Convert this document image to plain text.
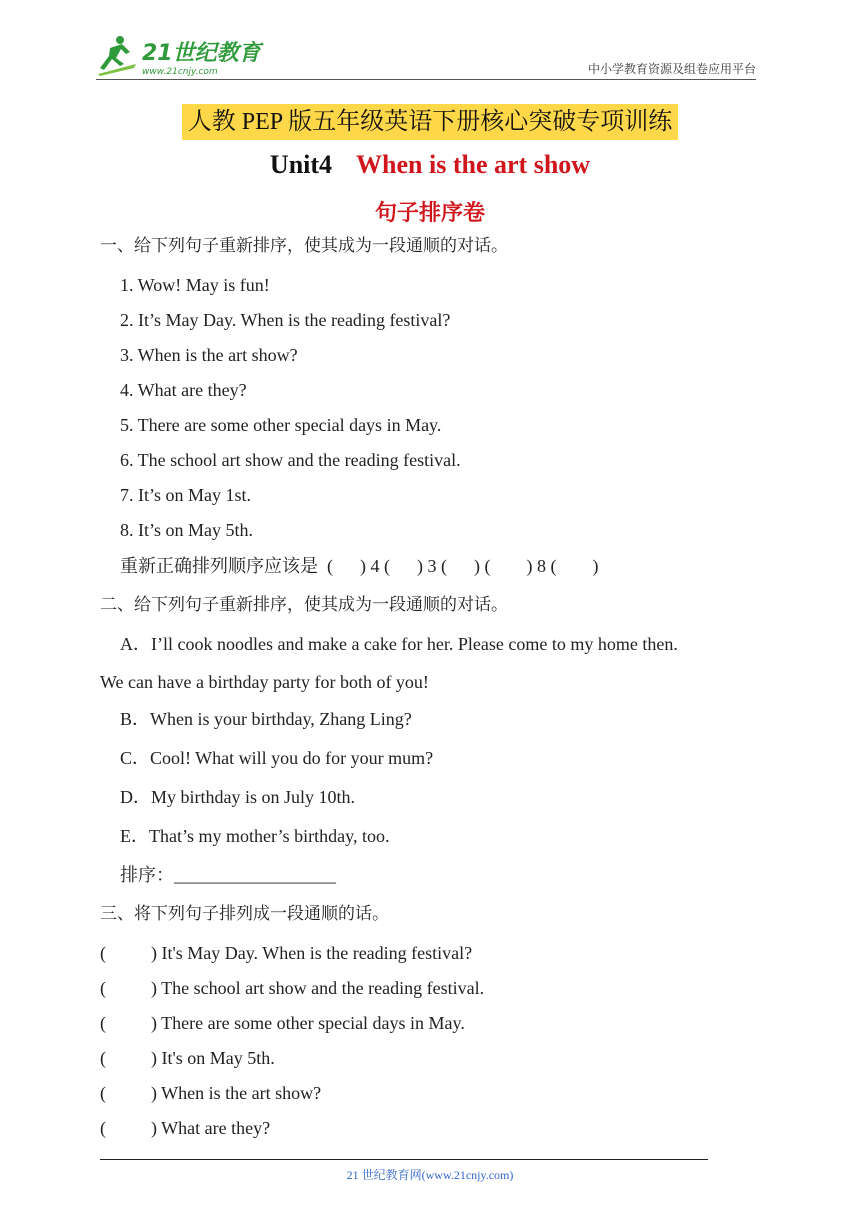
21世纪教育
www.21cnjy.com	中小学教育资源及组卷应用平台
人教 PEP 版五年级英语下册核心突破专项训练
Unit4 When is the art show
句子排序卷
一、给下列句子重新排序，使其成为一段通顺的对话。
1. Wow! May is fun!
2. It’s May Day. When is the reading festival?
3. When is the art show?
4. What are they?
5. There are some other special days in May.
6. The school art show and the reading festival.
7. It’s on May 1st.
8. It’s on May 5th.
重新正确排列顺序应该是  (      ) 4 (      ) 3 (      ) (        ) 8 (        )
二、给下列句子重新排序，使其成为一段通顺的对话。
A．I’ll cook noodles and make a cake for her. Please come to my home then.
We can have a birthday party for both of you!
B．When is your birthday, Zhang Ling?
C．Cool! What will you do for your mum?
D．My birthday is on July 10th.
E．That’s my mother’s birthday, too.
排序：__________________
三、将下列句子排列成一段通顺的话。
(          ) It's May Day. When is the reading festival?
(          ) The school art show and the reading festival.
(          ) There are some other special days in May.
(          ) It's on May 5th.
(          ) When is the art show?
(          ) What are they?
21 世纪教育网(www.21cnjy.com)
